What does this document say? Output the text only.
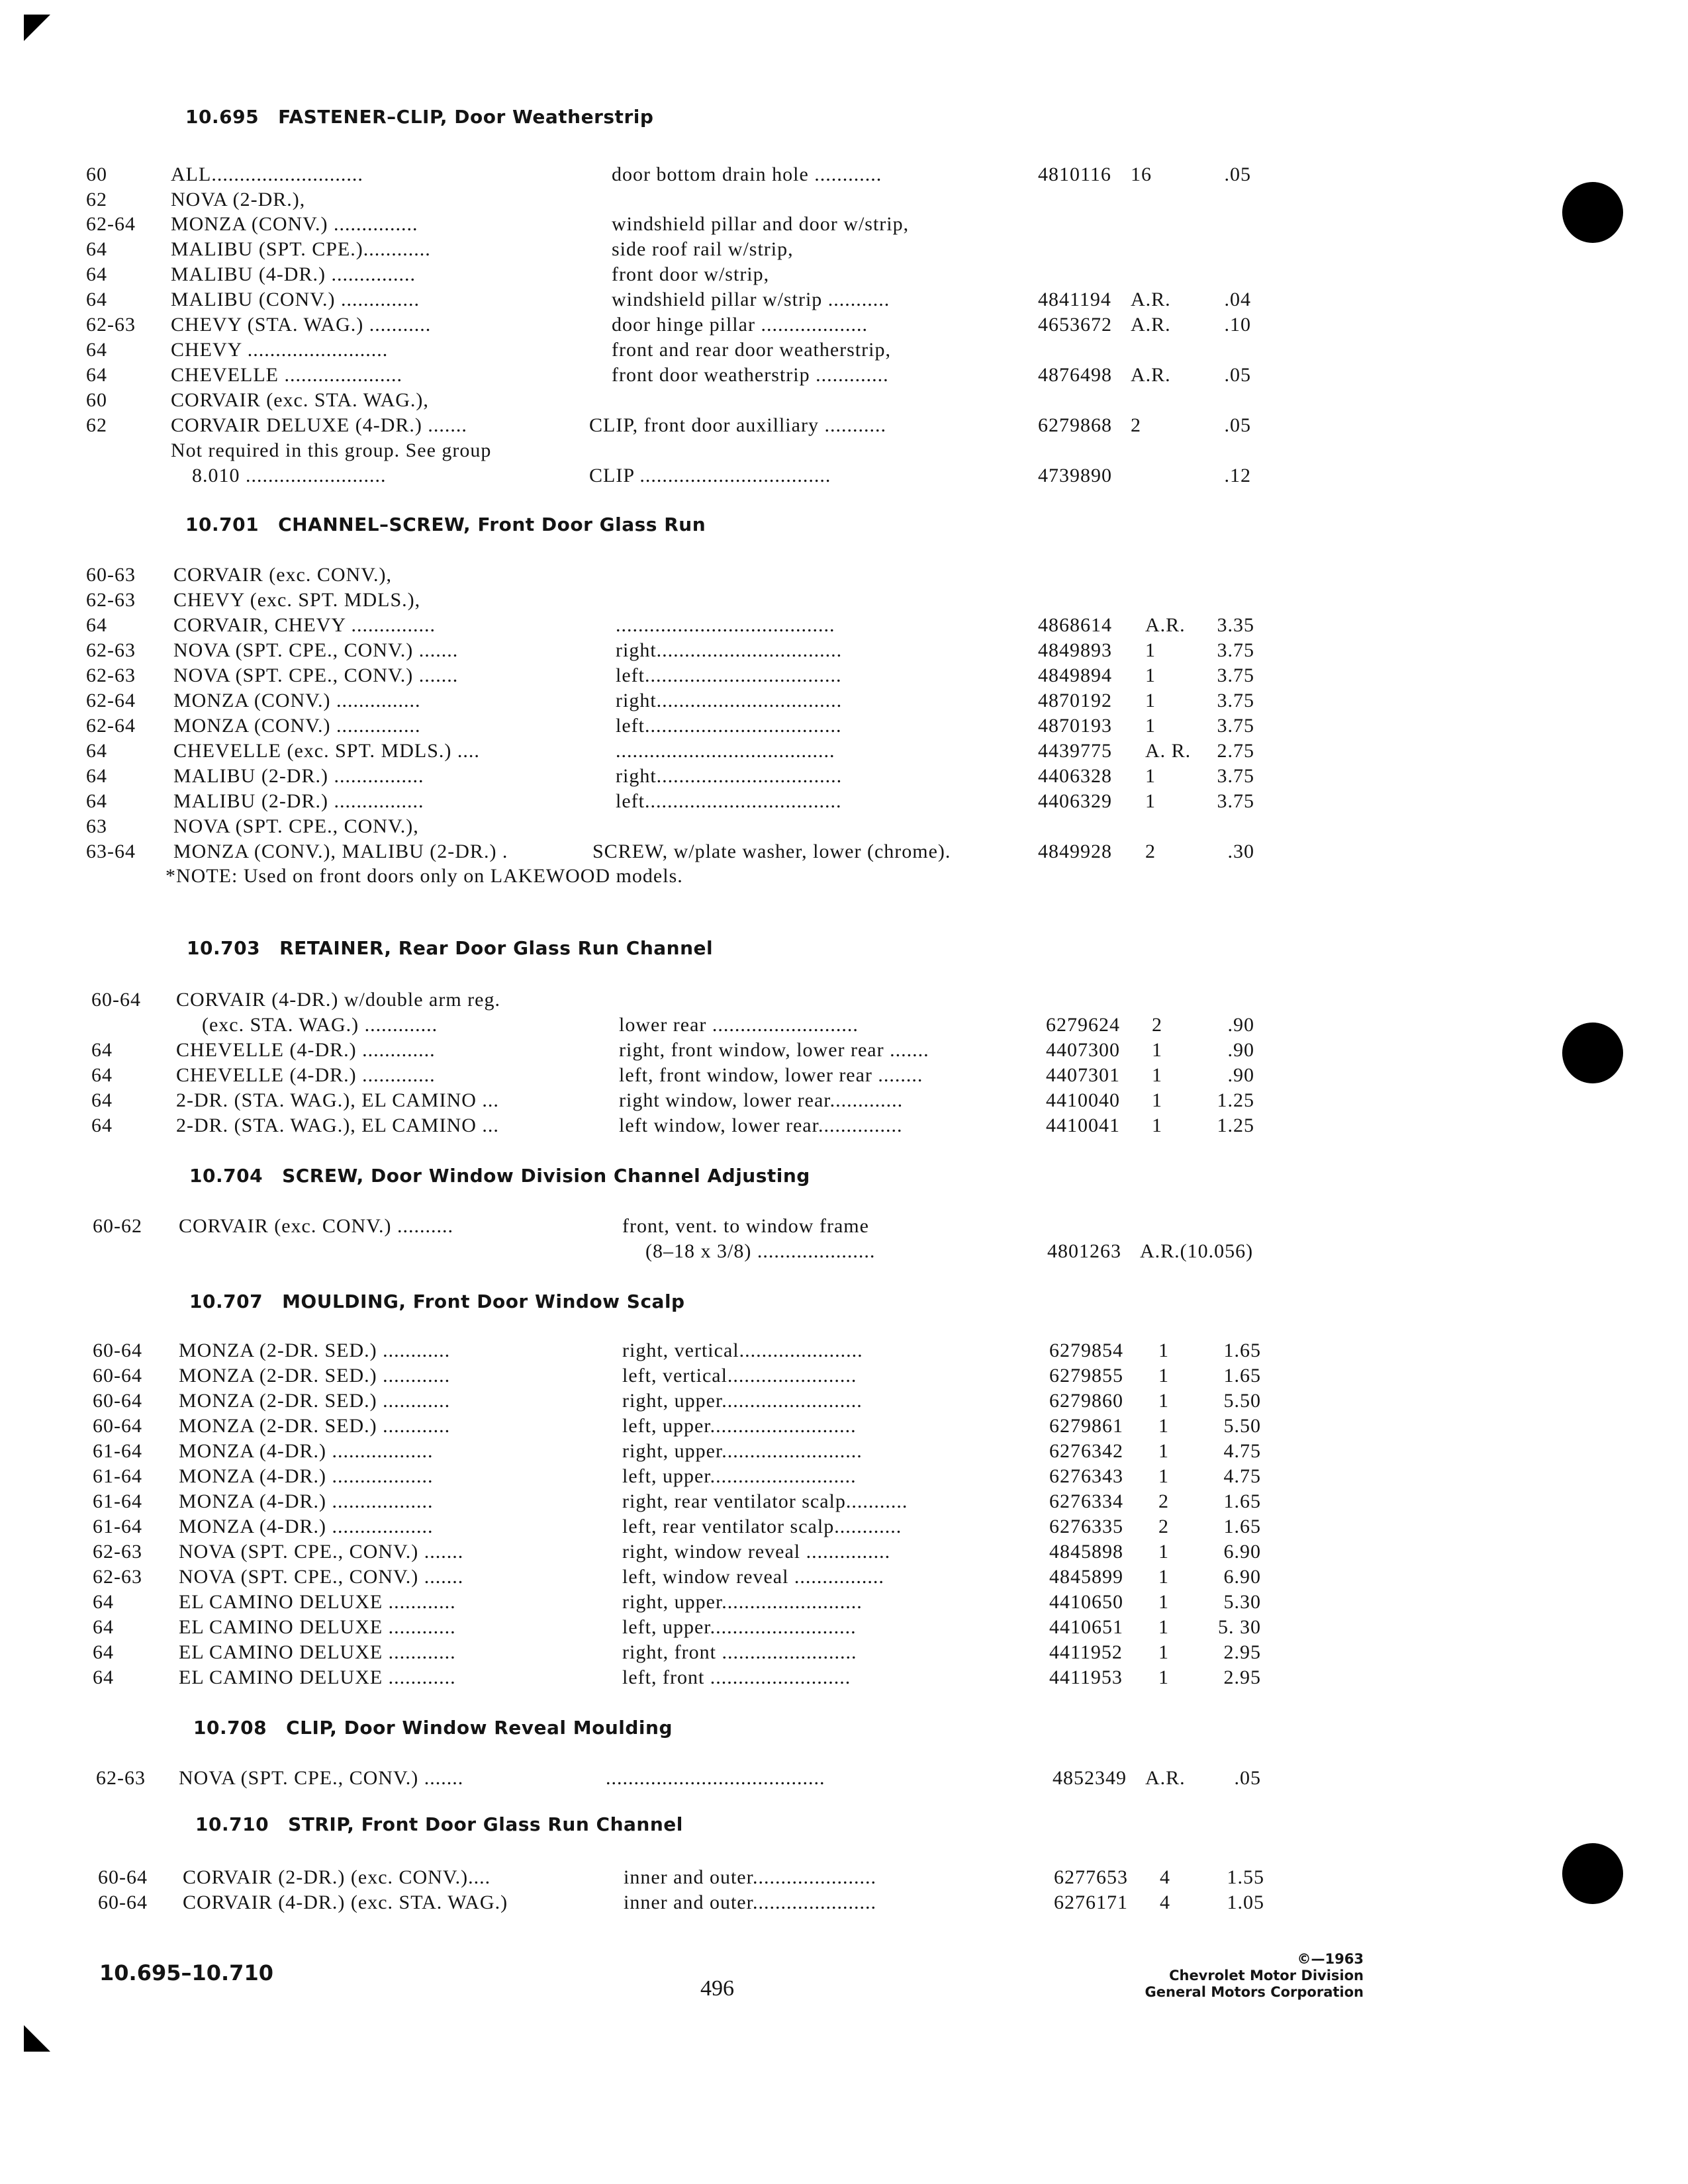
10.695   FASTENER–CLIP, Door Weatherstrip
60	ALL...........................	door bottom drain hole ............	4810116 16	.05
62	NOVA (2-DR.),
62-64 MONZA (CONV.) ...............	windshield pillar and door w/strip,
64	MALIBU (SPT. CPE.)............	side roof rail w/strip,
64	MALIBU (4-DR.) ...............	front door w/strip,
64	MALIBU (CONV.) ..............	windshield pillar w/strip ...........	4841194 A.R.	.04
62-63 CHEVY (STA. WAG.) ...........	door hinge pillar ...................	4653672 A.R.	.10
64	CHEVY .........................	front and rear door weatherstrip,
64	CHEVELLE .....................	front door weatherstrip .............	4876498 A.R.	.05
60	CORVAIR (exc. STA. WAG.),
62	CORVAIR DELUXE (4-DR.) .......	CLIP, front door auxilliary ...........	6279868 2	.05
Not required in this group. See group
8.010 .........................	CLIP ..................................	4739890	.12
10.701   CHANNEL–SCREW, Front Door Glass Run
60-63 CORVAIR (exc. CONV.),
62-63 CHEVY (exc. SPT. MDLS.),
64	CORVAIR, CHEVY ...............	.......................................	4868614 A.R.	3.35
62-63 NOVA (SPT. CPE., CONV.) .......	right.................................	4849893 1	3.75
62-63 NOVA (SPT. CPE., CONV.) .......	left...................................	4849894 1	3.75
62-64 MONZA (CONV.) ...............	right.................................	4870192 1	3.75
62-64 MONZA (CONV.) ...............	left...................................	4870193 1	3.75
64	CHEVELLE (exc. SPT. MDLS.) ....	.......................................	4439775 A. R.	2.75
64	MALIBU (2-DR.) ................	right.................................	4406328 1	3.75
64	MALIBU (2-DR.) ................	left...................................	4406329 1	3.75
63	NOVA (SPT. CPE., CONV.),
63-64 MONZA (CONV.), MALIBU (2-DR.) .	SCREW, w/plate washer, lower (chrome).	4849928 2	.30
*NOTE: Used on front doors only on LAKEWOOD models.
10.703   RETAINER, Rear Door Glass Run Channel
60-64 CORVAIR (4-DR.) w/double arm reg.
(exc. STA. WAG.) .............	lower rear ..........................	6279624 2	.90
64	CHEVELLE (4-DR.) .............	right, front window, lower rear .......	4407300 1	.90
64	CHEVELLE (4-DR.) .............	left, front window, lower rear ........	4407301 1	.90
64	2-DR. (STA. WAG.), EL CAMINO ...	right window, lower rear.............	4410040 1	1.25
64	2-DR. (STA. WAG.), EL CAMINO ...	left window, lower rear...............	4410041 1	1.25
10.704   SCREW, Door Window Division Channel Adjusting
60-62 CORVAIR (exc. CONV.) ..........	front, vent. to window frame
(8–18 x 3/8) .....................	4801263 A.R.(10.056)
10.707   MOULDING, Front Door Window Scalp
60-64 MONZA (2-DR. SED.) ............	right, vertical......................	6279854 1	1.65
60-64 MONZA (2-DR. SED.) ............	left, vertical.......................	6279855 1	1.65
60-64 MONZA (2-DR. SED.) ............	right, upper.........................	6279860 1	5.50
60-64 MONZA (2-DR. SED.) ............	left, upper..........................	6279861 1	5.50
61-64 MONZA (4-DR.) ..................	right, upper.........................	6276342 1	4.75
61-64 MONZA (4-DR.) ..................	left, upper..........................	6276343 1	4.75
61-64 MONZA (4-DR.) ..................	right, rear ventilator scalp...........	6276334 2	1.65
61-64 MONZA (4-DR.) ..................	left, rear ventilator scalp............	6276335 2	1.65
62-63 NOVA (SPT. CPE., CONV.) .......	right, window reveal ...............	4845898 1	6.90
62-63 NOVA (SPT. CPE., CONV.) .......	left, window reveal ................	4845899 1	6.90
64	EL CAMINO DELUXE ............	right, upper.........................	4410650 1	5.30
64	EL CAMINO DELUXE ............	left, upper..........................	4410651 1	5. 30
64	EL CAMINO DELUXE ............	right, front ........................	4411952 1	2.95
64	EL CAMINO DELUXE ............	left, front .........................	4411953 1	2.95
10.708   CLIP, Door Window Reveal Moulding
62-63 NOVA (SPT. CPE., CONV.) .......	.......................................	4852349 A.R.	.05
10.710   STRIP, Front Door Glass Run Channel
60-64 CORVAIR (2-DR.) (exc. CONV.)....	inner and outer......................	6277653 4	1.55
60-64 CORVAIR (4-DR.) (exc. STA. WAG.)	inner and outer......................	6276171 4	1.05
10.695–10.710
496
©—1963
Chevrolet Motor Division
General Motors Corporation
